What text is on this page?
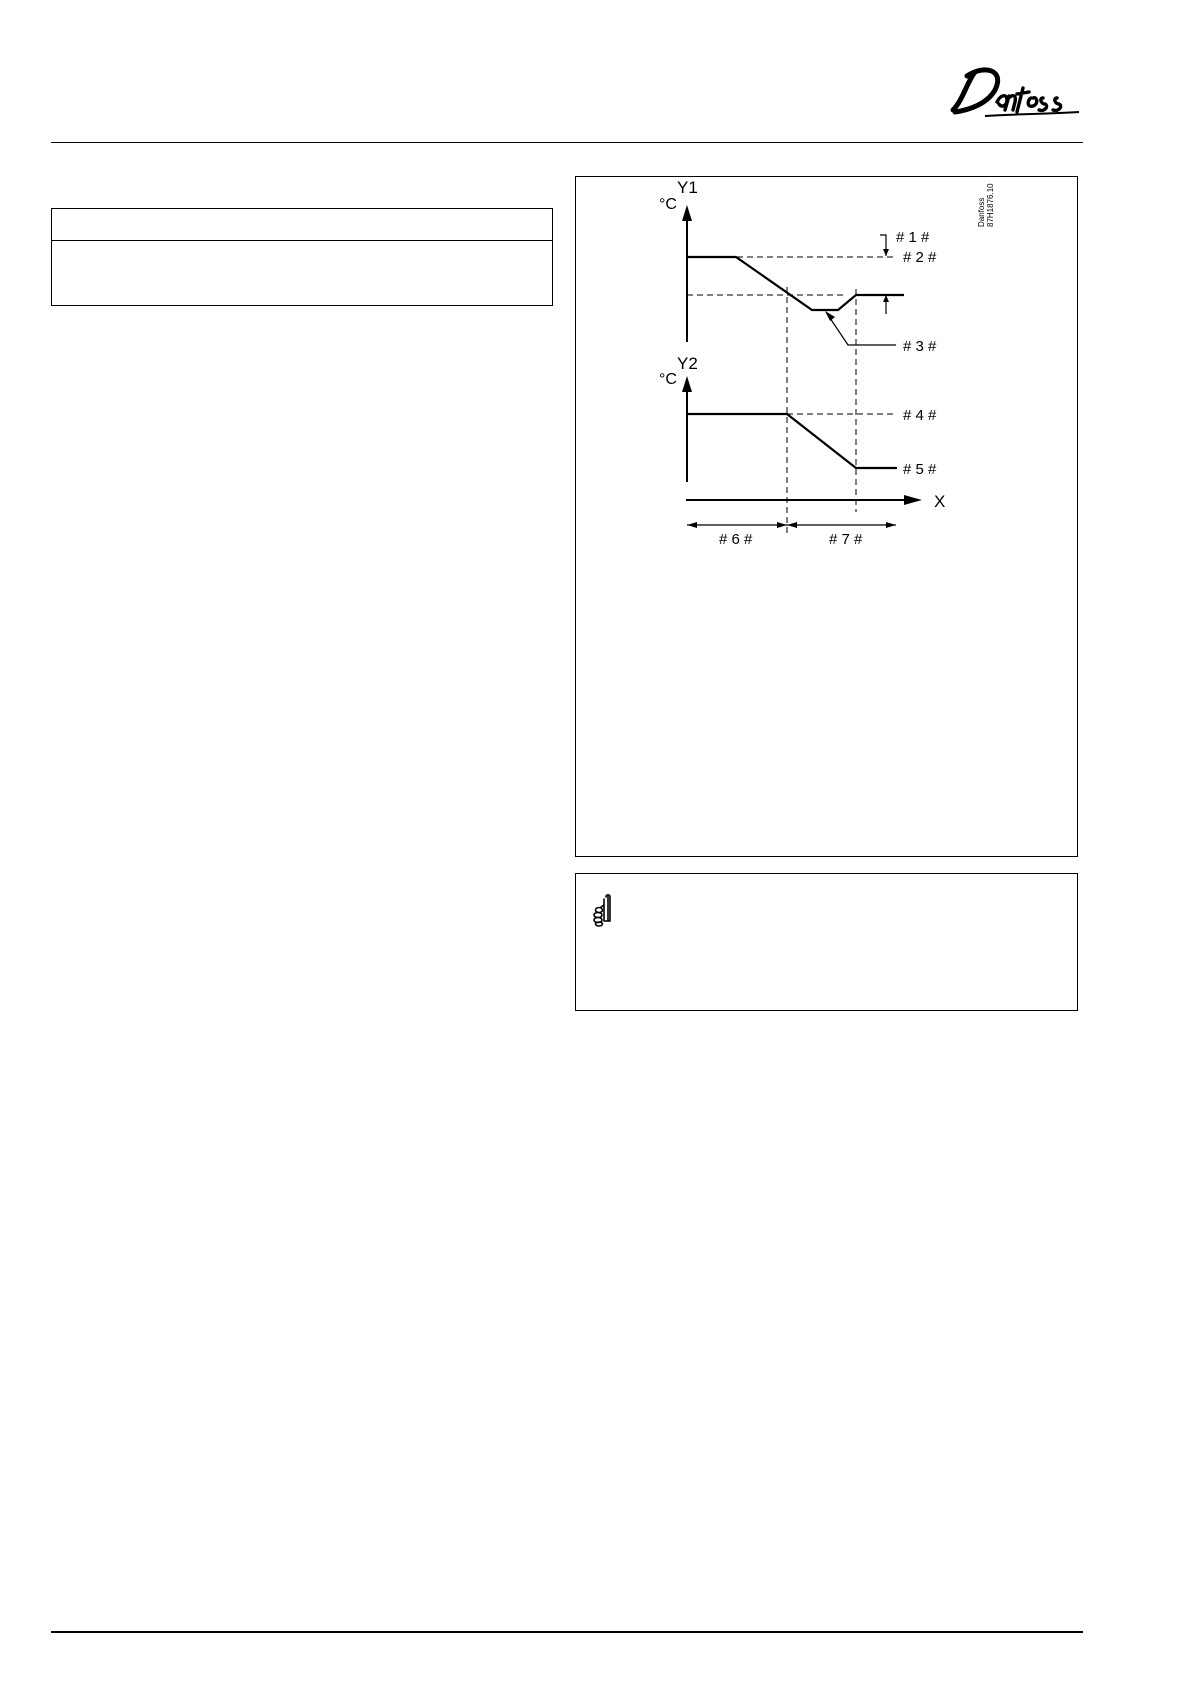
Y1
°C
Y2
°C
X
# 1 #
# 2 #
# 3 #
# 4 #
# 5 #
# 6 #	# 7 #
Danfoss 87H1876.10
